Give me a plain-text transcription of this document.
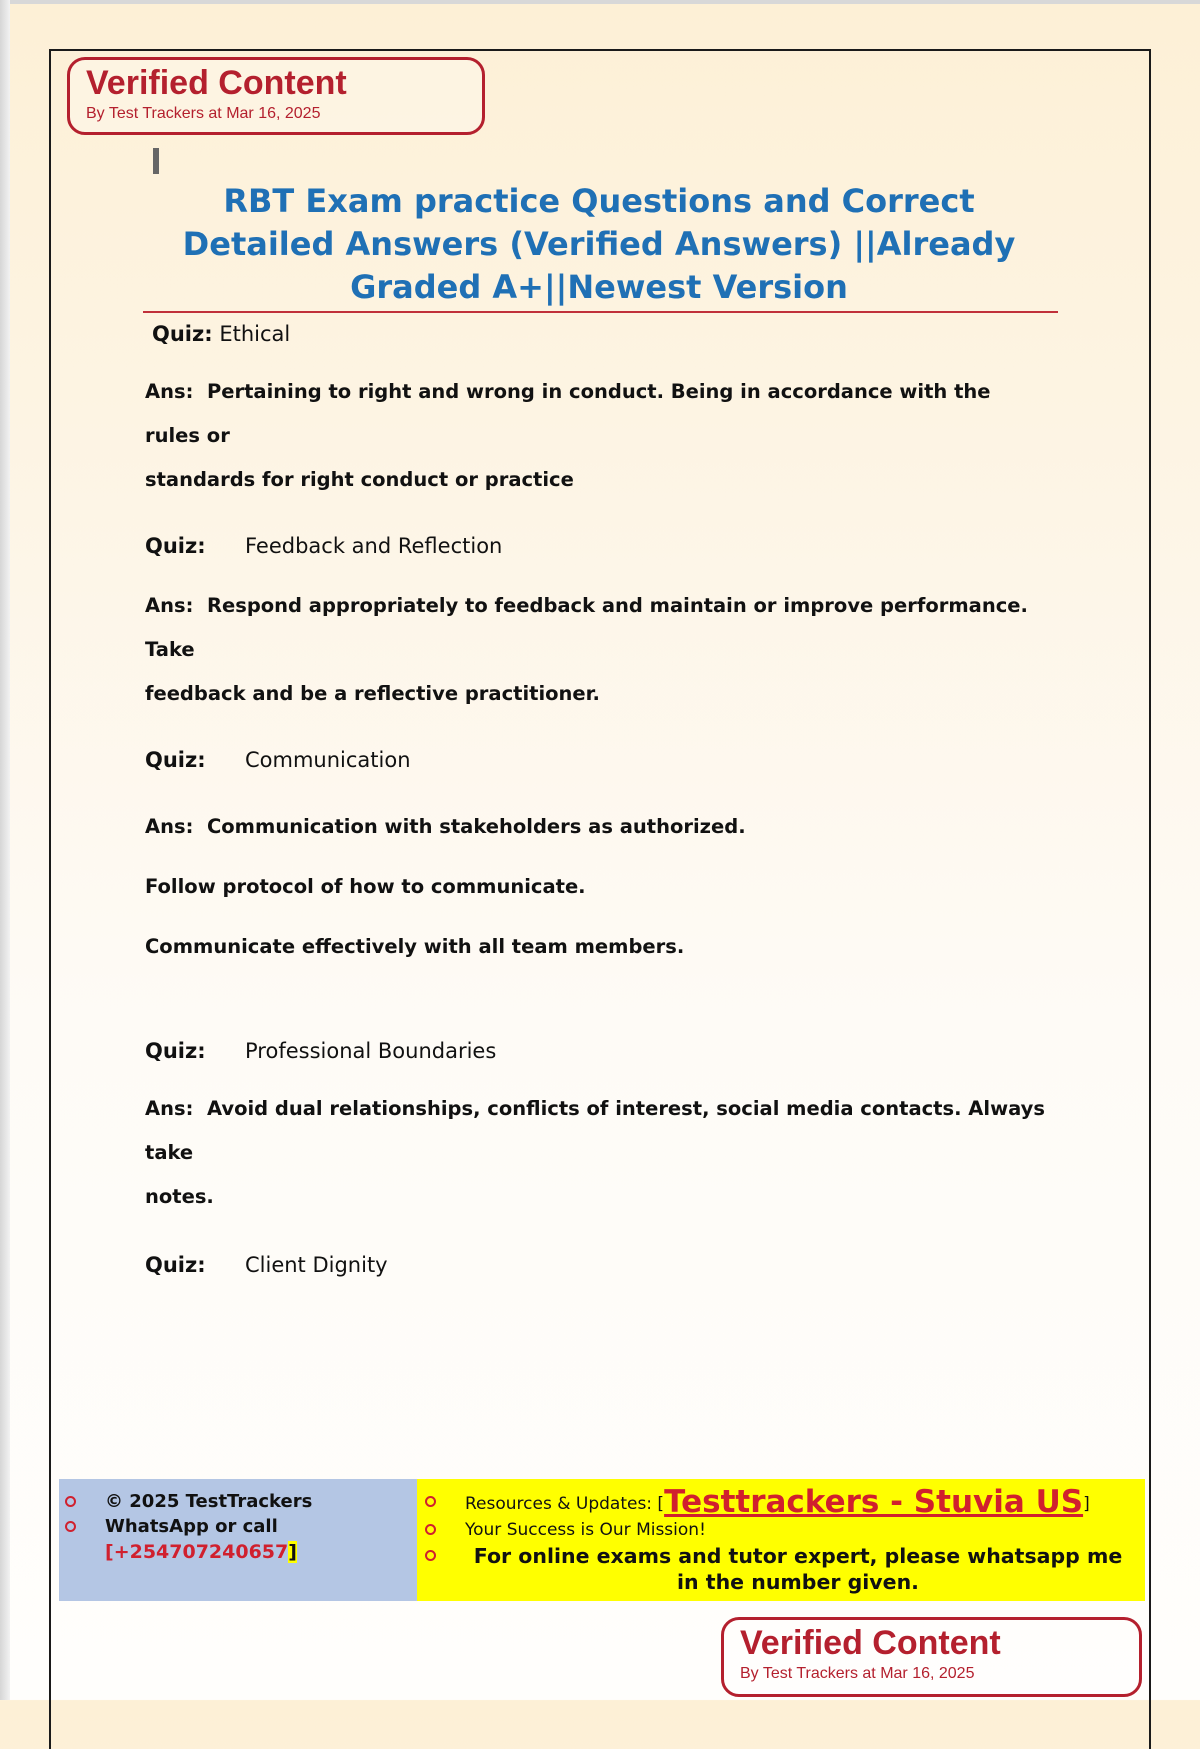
Verified Content
By Test Trackers at Mar 16, 2025
RBT Exam practice Questions and Correct Detailed Answers (Verified Answers) ||Already Graded A+||Newest Version
Quiz: Ethical
Ans: Pertaining to right and wrong in conduct. Being in accordance with the rules or
standards for right conduct or practice
Quiz: Feedback and Reflection
Ans: Respond appropriately to feedback and maintain or improve performance. Take
feedback and be a reflective practitioner.
Quiz: Communication
Ans: Communication with stakeholders as authorized.
Follow protocol of how to communicate.
Communicate effectively with all team members.
Quiz: Professional Boundaries
Ans: Avoid dual relationships, conflicts of interest, social media contacts. Always take
notes.
Quiz: Client Dignity
© 2025 TestTrackers
WhatsApp or call
[+254707240657]
Resources & Updates: [Testtrackers - Stuvia US]
Your Success is Our Mission!
For online exams and tutor expert, please whatsapp me in the number given.
Verified Content
By Test Trackers at Mar 16, 2025
